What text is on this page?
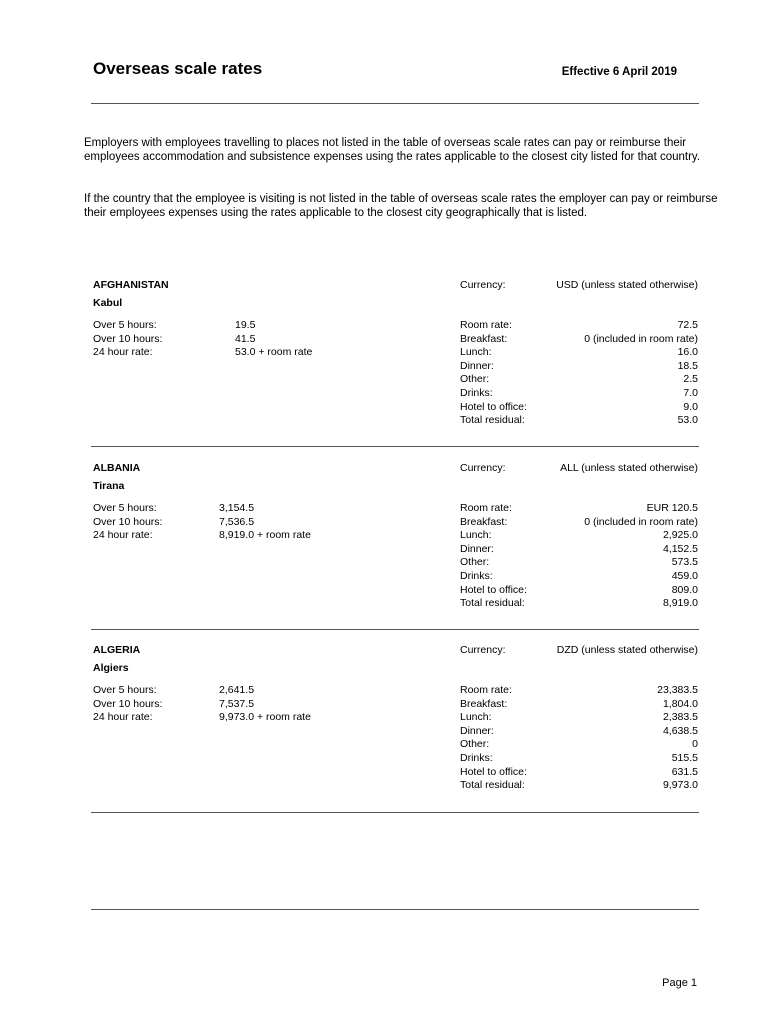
Overseas scale rates	Effective 6 April 2019
Employers with employees travelling to places not listed in the table of overseas scale rates can pay or reimburse their employees accommodation and subsistence expenses using the rates applicable to the closest city listed for that country.
If the country that the employee is visiting is not listed in the table of overseas scale rates the employer can pay or reimburse their employees expenses using the rates applicable to the closest city geographically that is listed.
AFGHANISTAN
Kabul
Currency:	USD (unless stated otherwise)
Over 5 hours:	19.5
Over 10 hours:	41.5
24 hour rate:	53.0 + room rate
Room rate:	72.5
Breakfast:	0 (included in room rate)
Lunch:	16.0
Dinner:	18.5
Other:	2.5
Drinks:	7.0
Hotel to office:	9.0
Total residual:	53.0
ALBANIA
Tirana
Currency:	ALL (unless stated otherwise)
Over 5 hours:	3,154.5
Over 10 hours:	7,536.5
24 hour rate:	8,919.0 + room rate
Room rate:	EUR 120.5
Breakfast:	0 (included in room rate)
Lunch:	2,925.0
Dinner:	4,152.5
Other:	573.5
Drinks:	459.0
Hotel to office:	809.0
Total residual:	8,919.0
ALGERIA
Algiers
Currency:	DZD (unless stated otherwise)
Over 5 hours:	2,641.5
Over 10 hours:	7,537.5
24 hour rate:	9,973.0 + room rate
Room rate:	23,383.5
Breakfast:	1,804.0
Lunch:	2,383.5
Dinner:	4,638.5
Other:	0
Drinks:	515.5
Hotel to office:	631.5
Total residual:	9,973.0
Page 1
